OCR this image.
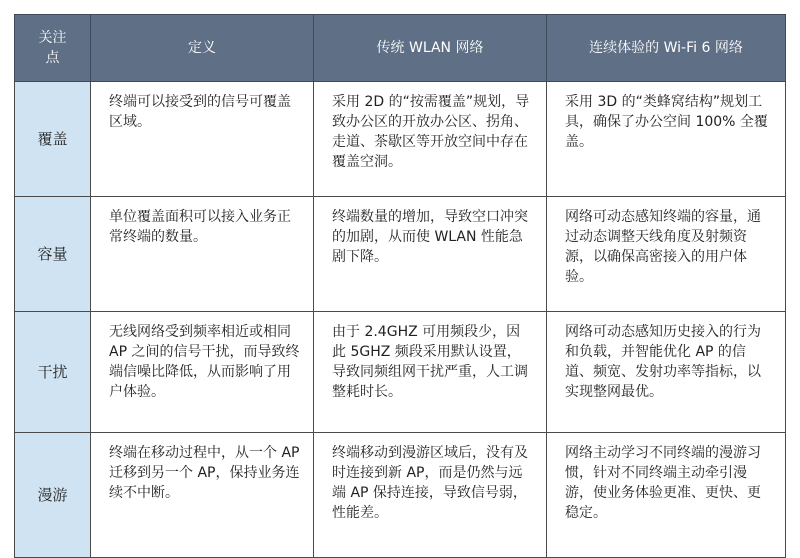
关注点	定义	传统 WLAN 网络	连续体验的 Wi-Fi 6 网络
覆盖	终端可以接受到的信号可覆盖区域。	采用 2D 的“按需覆盖”规划，导致办公区的开放办公区、拐角、走道、茶歇区等开放空间中存在覆盖空洞。	采用 3D 的“类蜂窝结构”规划工具，确保了办公空间 100% 全覆盖。
容量	单位覆盖面积可以接入业务正常终端的数量。	终端数量的增加，导致空口冲突的加剧，从而使 WLAN 性能急剧下降。	网络可动态感知终端的容量，通过动态调整天线角度及射频资源，以确保高密接入的用户体验。
干扰	无线网络受到频率相近或相同 AP 之间的信号干扰，而导致终端信噪比降低，从而影响了用户体验。	由于 2.4GHZ 可用频段少，因此 5GHZ 频段采用默认设置，导致同频组网干扰严重，人工调整耗时长。	网络可动态感知历史接入的行为和负载，并智能优化 AP 的信道、频宽、发射功率等指标，以实现整网最优。
漫游	终端在移动过程中，从一个 AP 迁移到另一个 AP，保持业务连续不中断。	终端移动到漫游区域后，没有及时连接到新 AP，而是仍然与远端 AP 保持连接，导致信号弱，性能差。	网络主动学习不同终端的漫游习惯，针对不同终端主动牵引漫游，使业务体验更准、更快、更稳定。
